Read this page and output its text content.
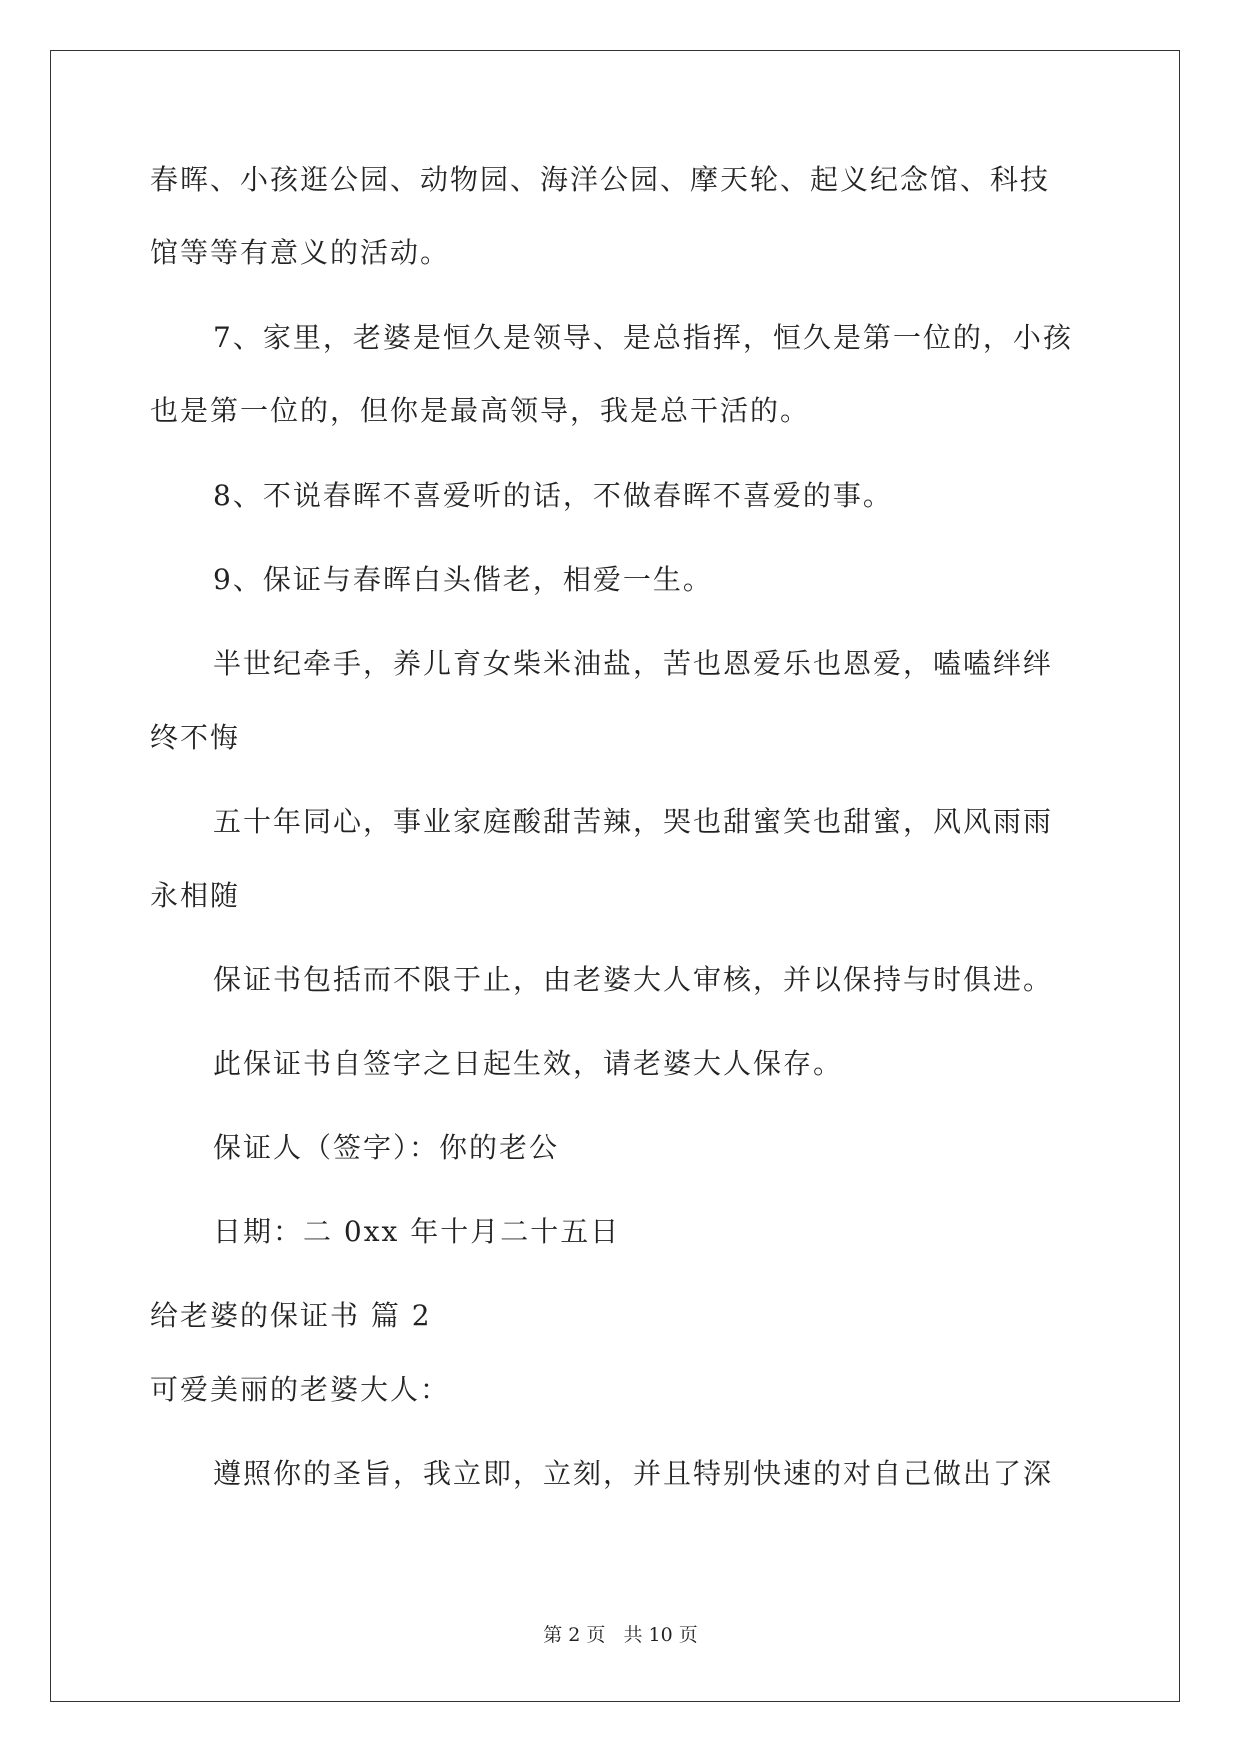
春晖、小孩逛公园、动物园、海洋公园、摩天轮、起义纪念馆、科技
馆等等有意义的活动。
7、家里，老婆是恒久是领导、是总指挥，恒久是第一位的，小孩
也是第一位的，但你是最高领导，我是总干活的。
8、不说春晖不喜爱听的话，不做春晖不喜爱的事。
9、保证与春晖白头偕老，相爱一生。
半世纪牵手，养儿育女柴米油盐，苦也恩爱乐也恩爱，嗑嗑绊绊
终不悔
五十年同心，事业家庭酸甜苦辣，哭也甜蜜笑也甜蜜，风风雨雨
永相随
保证书包括而不限于止，由老婆大人审核，并以保持与时俱进。
此保证书自签字之日起生效，请老婆大人保存。
保证人（签字）：你的老公
日期：二 0xx 年十月二十五日
给老婆的保证书 篇 2
可爱美丽的老婆大人：
遵照你的圣旨，我立即，立刻，并且特别快速的对自己做出了深
第 2 页 共 10 页
